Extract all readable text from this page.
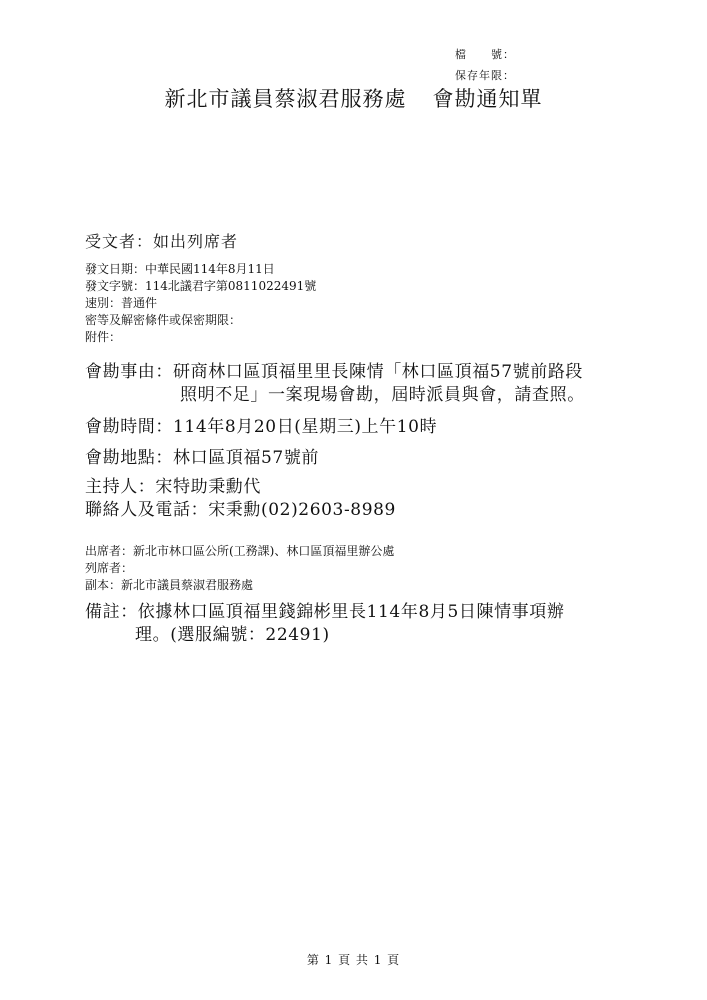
檔　　號：
保存年限：
新北市議員蔡淑君服務處 會勘通知單
受文者：如出列席者
發文日期：中華民國114年8月11日
發文字號：114北議君字第0811022491號
速別：普通件
密等及解密條件或保密期限：
附件：
會勘事由：研商林口區頂福里里長陳情「林口區頂福57號前路段
照明不足」一案現場會勘，屆時派員與會，請查照。
會勘時間：114年8月20日(星期三)上午10時
會勘地點：林口區頂福57號前
主持人：宋特助秉勳代
聯絡人及電話：宋秉勳(02)2603-8989
出席者：新北市林口區公所(工務課)、林口區頂福里辦公處
列席者：
副本：新北市議員蔡淑君服務處
備註：依據林口區頂福里錢錦彬里長114年8月5日陳情事項辦
理。(選服編號：22491)
第 1 頁 共 1 頁
